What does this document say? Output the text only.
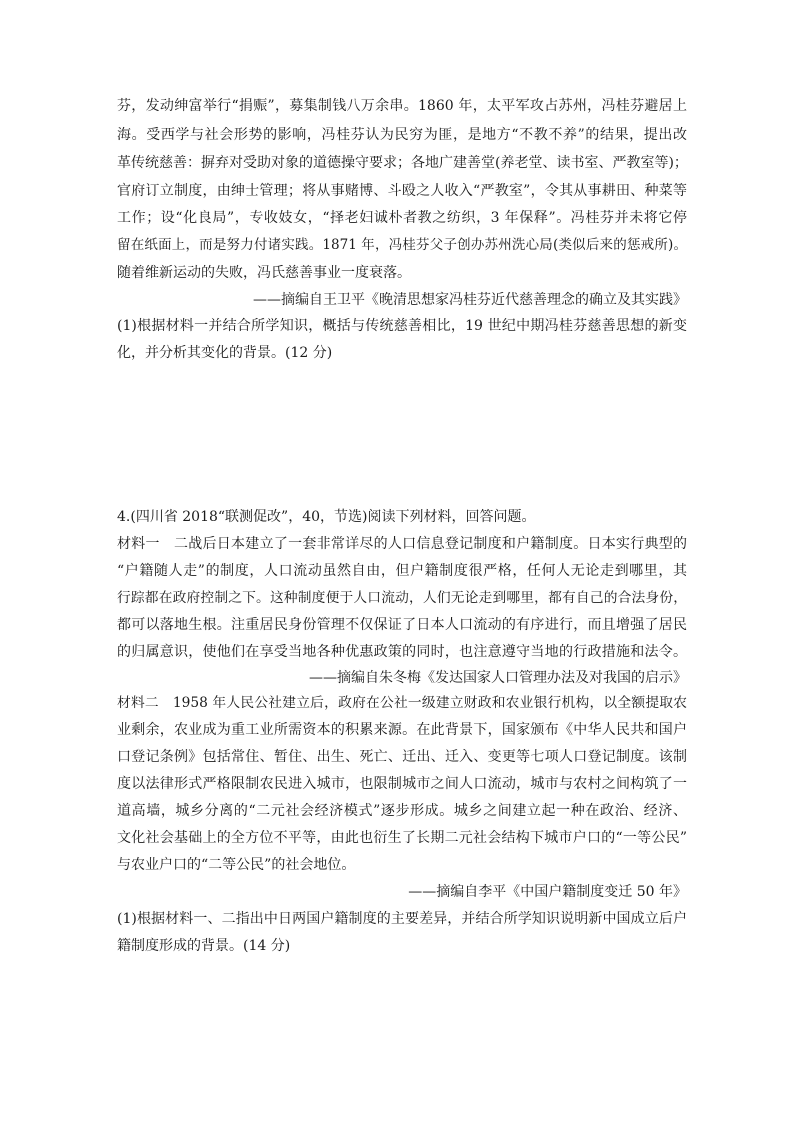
芬，发动绅富举行“捐赈”，募集制钱八万余串。1860 年，太平军攻占苏州，冯桂芬避居上
海。受西学与社会形势的影响，冯桂芬认为民穷为匪，是地方“不教不养”的结果，提出改
革传统慈善：摒弃对受助对象的道德操守要求；各地广建善堂(养老堂、读书室、严教室等)；
官府订立制度，由绅士管理；将从事赌博、斗殴之人收入“严教室”，令其从事耕田、种菜等
工作；设“化良局”，专收妓女，“择老妇诚朴者教之纺织，3 年保释”。冯桂芬并未将它停
留在纸面上，而是努力付诸实践。1871 年，冯桂芬父子创办苏州洗心局(类似后来的惩戒所)。
随着维新运动的失败，冯氏慈善事业一度衰落。
——摘编自王卫平《晚清思想家冯桂芬近代慈善理念的确立及其实践》
(1)根据材料一并结合所学知识，概括与传统慈善相比，19 世纪中期冯桂芬慈善思想的新变
化，并分析其变化的背景。(12 分)
4.(四川省 2018“联测促改”，40，节选)阅读下列材料，回答问题。
材料一　二战后日本建立了一套非常详尽的人口信息登记制度和户籍制度。日本实行典型的
“户籍随人走”的制度，人口流动虽然自由，但户籍制度很严格，任何人无论走到哪里，其
行踪都在政府控制之下。这种制度便于人口流动，人们无论走到哪里，都有自己的合法身份，
都可以落地生根。注重居民身份管理不仅保证了日本人口流动的有序进行，而且增强了居民
的归属意识，使他们在享受当地各种优惠政策的同时，也注意遵守当地的行政措施和法令。
——摘编自朱冬梅《发达国家人口管理办法及对我国的启示》
材料二　1958 年人民公社建立后，政府在公社一级建立财政和农业银行机构，以全额提取农
业剩余，农业成为重工业所需资本的积累来源。在此背景下，国家颁布《中华人民共和国户
口登记条例》包括常住、暂住、出生、死亡、迁出、迁入、变更等七项人口登记制度。该制
度以法律形式严格限制农民进入城市，也限制城市之间人口流动，城市与农村之间构筑了一
道高墙，城乡分离的“二元社会经济模式”逐步形成。城乡之间建立起一种在政治、经济、
文化社会基础上的全方位不平等，由此也衍生了长期二元社会结构下城市户口的“一等公民”
与农业户口的“二等公民”的社会地位。
——摘编自李平《中国户籍制度变迁 50 年》
(1)根据材料一、二指出中日两国户籍制度的主要差异，并结合所学知识说明新中国成立后户
籍制度形成的背景。(14 分)
